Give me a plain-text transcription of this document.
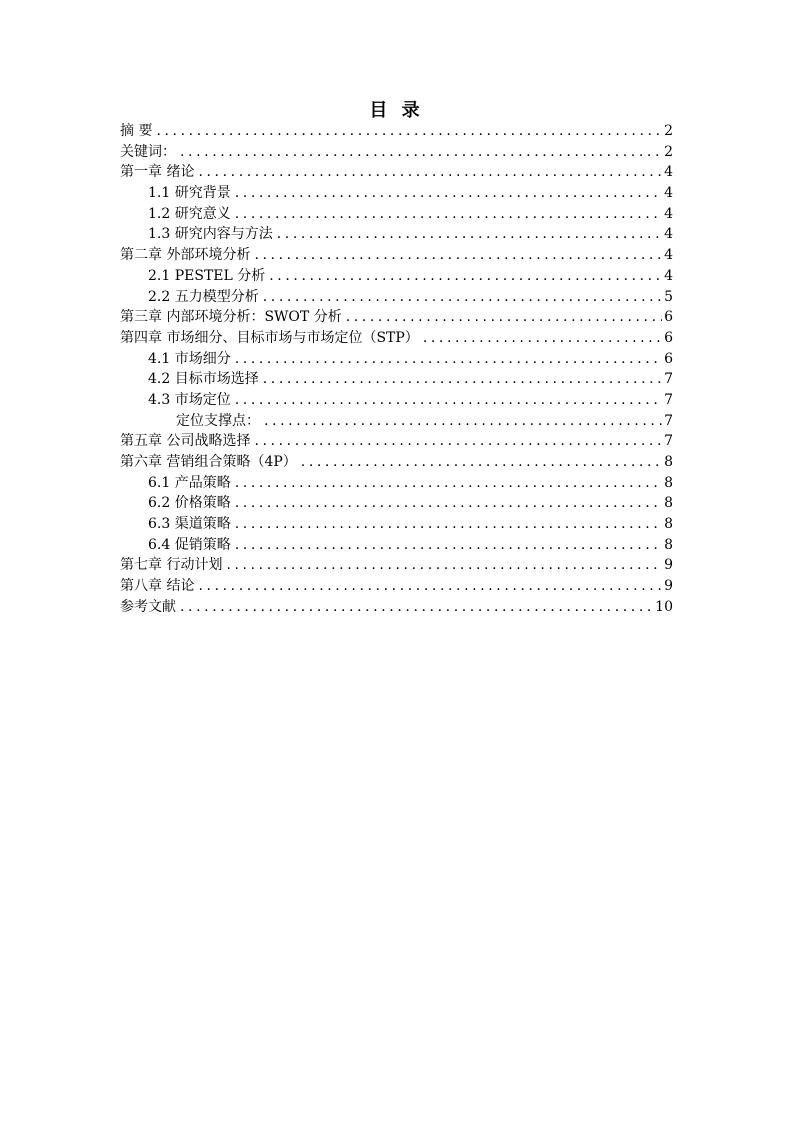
目 录
摘 要 .....	2
关键词： .....	2
第一章 绪论 .....	4
1.1 研究背景 .....	4
1.2 研究意义 .....	4
1.3 研究内容与方法 .....	4
第二章 外部环境分析 .....	4
2.1 PESTEL 分析 .....	4
2.2 五力模型分析 .....	5
第三章 内部环境分析：SWOT 分析 .....	6
第四章 市场细分、目标市场与市场定位（STP） .....	6
4.1 市场细分 .....	6
4.2 目标市场选择 .....	7
4.3 市场定位 .....	7
定位支撑点： .....	7
第五章 公司战略选择 .....	7
第六章 营销组合策略（4P） .....	8
6.1 产品策略 .....	8
6.2 价格策略 .....	8
6.3 渠道策略 .....	8
6.4 促销策略 .....	8
第七章 行动计划 .....	9
第八章 结论 .....	9
参考文献 .....	10
